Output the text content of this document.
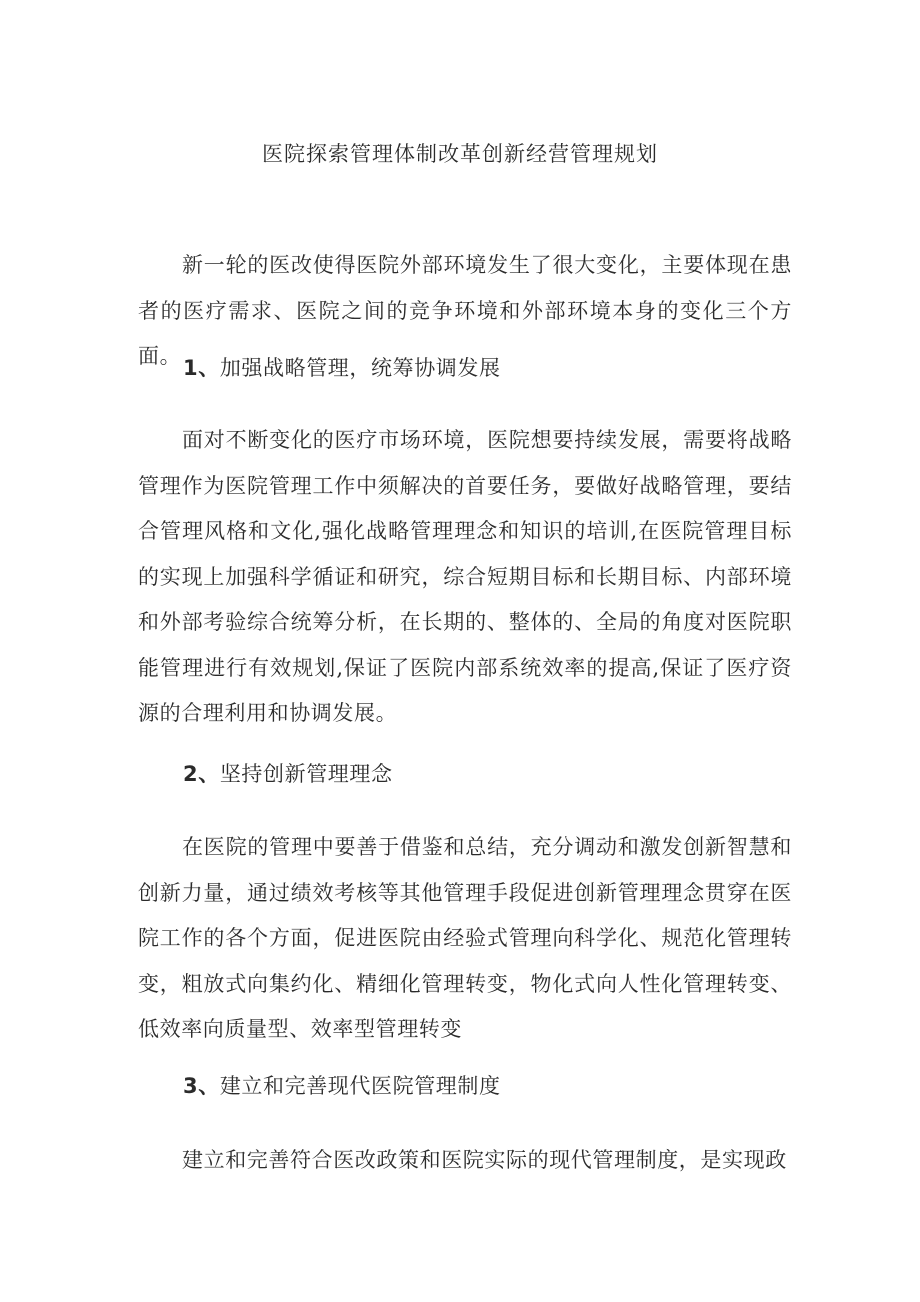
医院探索管理体制改革创新经营管理规划

新一轮的医改使得医院外部环境发生了很大变化，主要体现在患者的医疗需求、医院之间的竞争环境和外部环境本身的变化三个方面。 1、加强战略管理，统筹协调发展

面对不断变化的医疗市场环境，医院想要持续发展，需要将战略管理作为医院管理工作中须解决的首要任务，要做好战略管理，要结合管理风格和文化,强化战略管理理念和知识的培训,在医院管理目标的实现上加强科学循证和研究，综合短期目标和长期目标、内部环境和外部考验综合统筹分析，在长期的、整体的、全局的角度对医院职能管理进行有效规划,保证了医院内部系统效率的提高,保证了医疗资源的合理利用和协调发展。

2、坚持创新管理理念

在医院的管理中要善于借鉴和总结，充分调动和激发创新智慧和创新力量，通过绩效考核等其他管理手段促进创新管理理念贯穿在医院工作的各个方面，促进医院由经验式管理向科学化、规范化管理转变，粗放式向集约化、精细化管理转变，物化式向人性化管理转变、低效率向质量型、效率型管理转变

3、建立和完善现代医院管理制度

建立和完善符合医改政策和医院实际的现代管理制度，是实现政
